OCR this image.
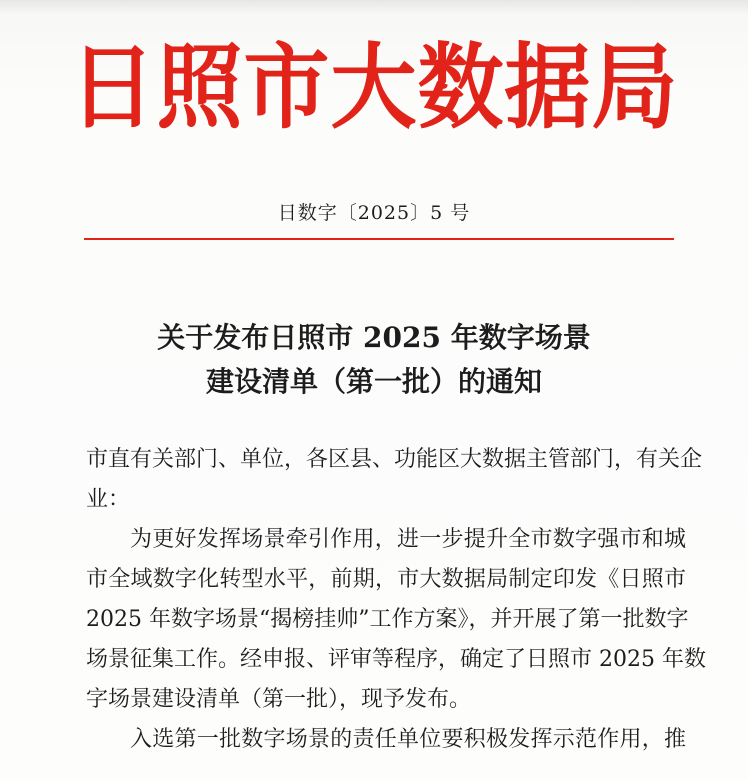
日照市大数据局
日数字〔2025〕5 号
关于发布日照市 2025 年数字场景
建设清单（第一批）的通知

市直有关部门、单位，各区县、功能区大数据主管部门，有关企
业：

为更好发挥场景牵引作用，进一步提升全市数字强市和城
市全域数字化转型水平，前期，市大数据局制定印发《日照市
2025 年数字场景“揭榜挂帅”工作方案》，并开展了第一批数字
场景征集工作。经申报、评审等程序，确定了日照市 2025 年数
字场景建设清单（第一批），现予发布。

入选第一批数字场景的责任单位要积极发挥示范作用，推
